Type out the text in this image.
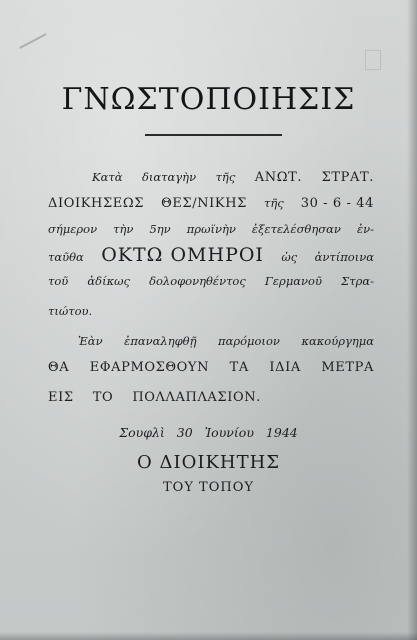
ΓΝΩΣΤΟΠΟΙΗΣΙΣ
Κατὰ διαταγὴν τῆς ΑΝΩΤ. ΣΤΡΑΤ.
ΔΙΟΙΚΗΣΕΩΣ ΘΕΣ/ΝΙΚΗΣ τῆς 30 - 6 - 44
σήμερον τὴν 5ην πρωϊνὴν ἐξετελέσθησαν ἐν-
ταῦθα ΟΚΤΩ ΟΜΗΡΟΙ ὡς ἀντίποινα
τοῦ ἀδίκως δολοφονηθέντος Γερμανοῦ Στρα-
τιώτου.
Ἐὰν ἐπαναληφθῇ παρόμοιον κακούργημα
ΘΑ ΕΦΑΡΜΟΣΘΟΥΝ ΤΑ ΙΔΙΑ ΜΕΤΡΑ
ΕΙΣ ΤΟ ΠΟΛΛΑΠΛΑΣΙΟΝ.
Σουφλὶ 30 Ἰουνίου 1944
Ο ΔΙΟΙΚΗΤΗΣ
ΤΟΥ ΤΟΠΟΥ
